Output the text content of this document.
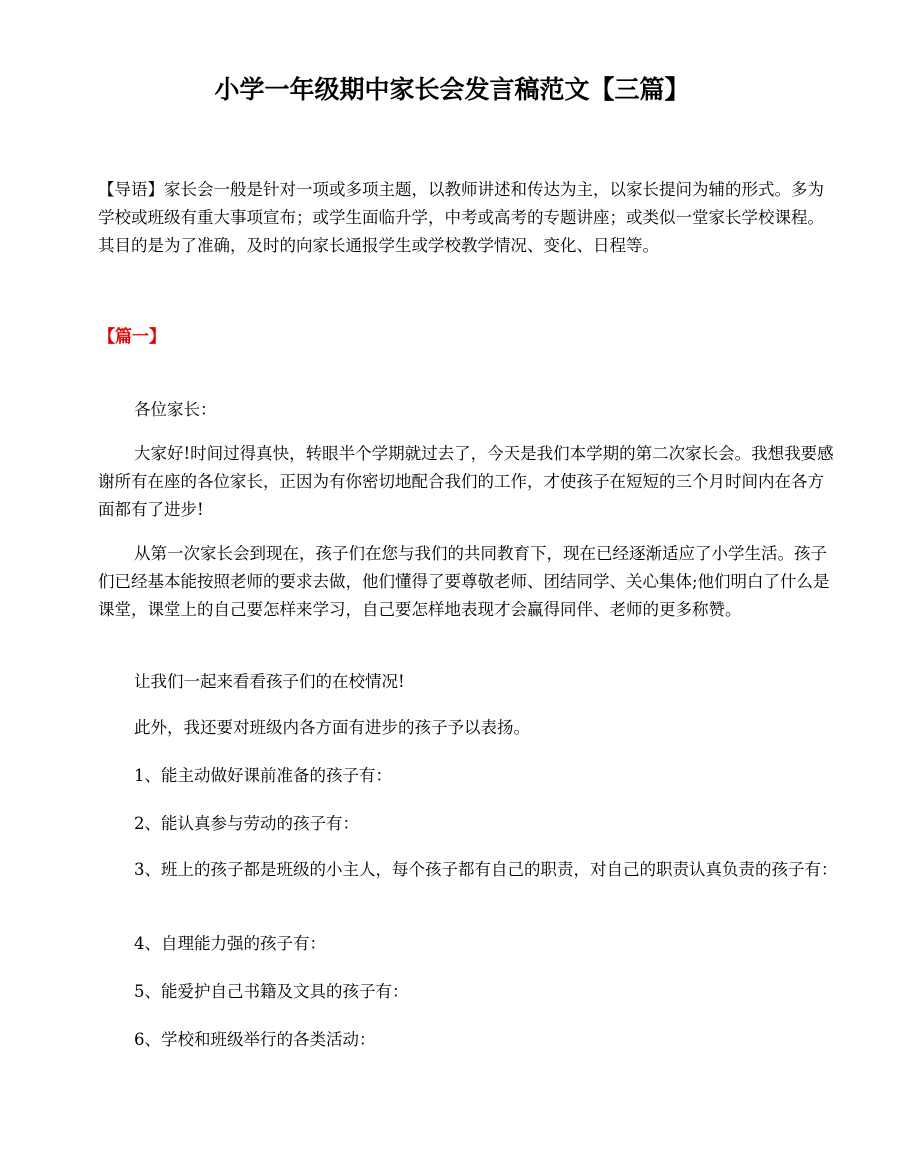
小学一年级期中家长会发言稿范文【三篇】
【导语】家长会一般是针对一项或多项主题，以教师讲述和传达为主，以家长提问为辅的形式。多为学校或班级有重大事项宣布；或学生面临升学，中考或高考的专题讲座；或类似一堂家长学校课程。其目的是为了准确，及时的向家长通报学生或学校教学情况、变化、日程等。
【篇一】
各位家长：
大家好!时间过得真快，转眼半个学期就过去了，今天是我们本学期的第二次家长会。我想我要感谢所有在座的各位家长，正因为有你密切地配合我们的工作，才使孩子在短短的三个月时间内在各方面都有了进步!
从第一次家长会到现在，孩子们在您与我们的共同教育下，现在已经逐渐适应了小学生活。孩子们已经基本能按照老师的要求去做，他们懂得了要尊敬老师、团结同学、关心集体;他们明白了什么是课堂，课堂上的自己要怎样来学习，自己要怎样地表现才会赢得同伴、老师的更多称赞。
让我们一起来看看孩子们的在校情况!
此外，我还要对班级内各方面有进步的孩子予以表扬。
1、能主动做好课前准备的孩子有：
2、能认真参与劳动的孩子有：
3、班上的孩子都是班级的小主人，每个孩子都有自己的职责，对自己的职责认真负责的孩子有：
4、自理能力强的孩子有：
5、能爱护自己书籍及文具的孩子有：
6、学校和班级举行的各类活动：
